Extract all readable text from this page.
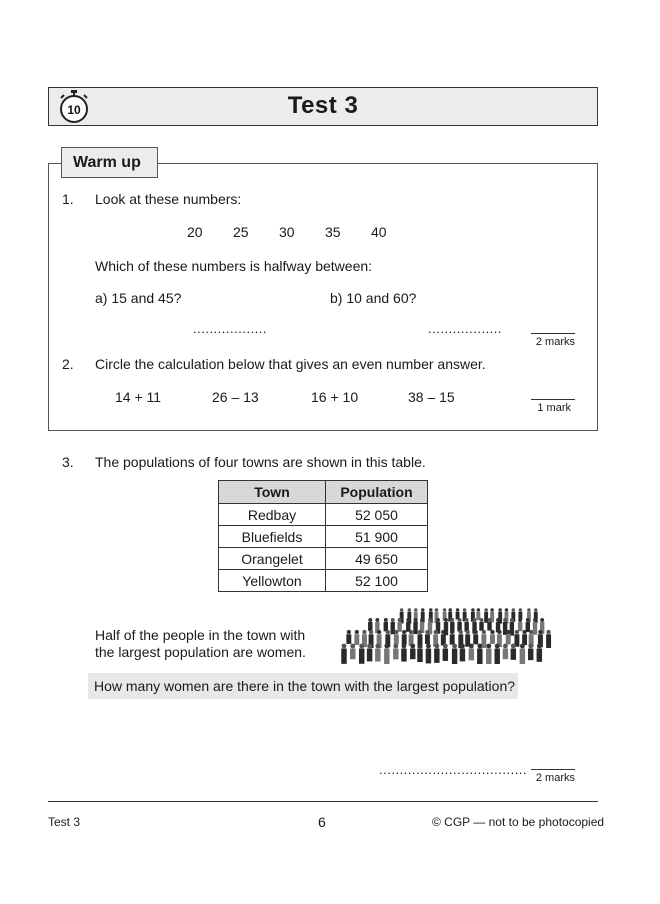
10	Test 3
Warm up
1. Look at these numbers:
20 25 30 35 40
Which of these numbers is halfway between:
a) 15 and 45?	b) 10 and 60?
..................	..................
2 marks
2. Circle the calculation below that gives an even number answer.
14 + 11	26 – 13	16 + 10	38 – 15
1 mark
3. The populations of four towns are shown in this table.
Town	Population
Redbay	52 050
Bluefields	51 900
Orangelet	49 650
Yellowton	52 100
Half of the people in the town with
the largest population are women.
How many women are there in the town with the largest population?
....................................
2 marks
Test 3	6	© CGP — not to be photocopied
